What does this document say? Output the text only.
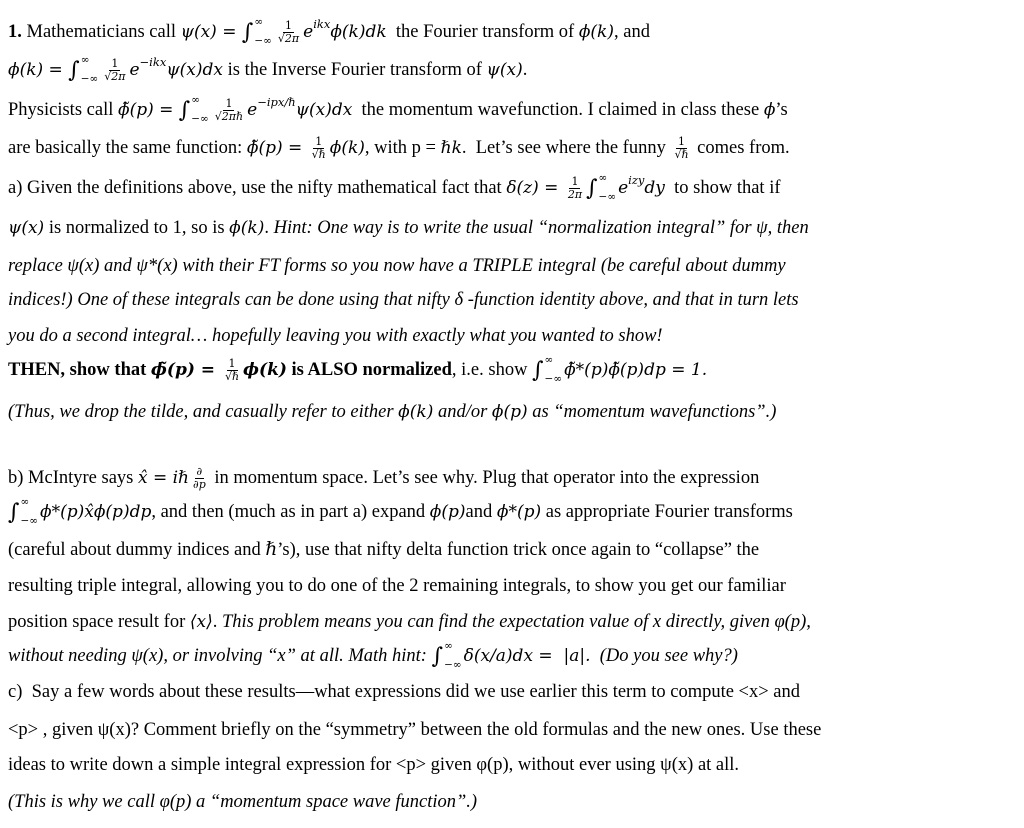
1. Mathematicians call ψ(x) = ∫ ∞
−∞ $\frac{1}{√2\pi}$ e ikx ϕ(k)dk the Fourier transform of ϕ(k) , and
ϕ(k) = ∫ ∞
−∞ $\frac{1}{√2\pi}$ e −ikx ψ(x)dx is the Inverse Fourier transform of ψ(x) .
Physicists call ϕ̃(p) = ∫ ∞
−∞ $\frac{1}{\text{√2πℏ}}$ e −ipx/ℏ ψ(x)dx the momentum wavefunction. I claimed in class these ϕ ’s
are basically the same function: ϕ̃(p) = $\frac{1}{\text{√ℏ}} \phi(k)$ , with p = ℏk .  Let’s see where the funny $\frac{1}{\text{√ℏ}}$ comes from.
a) Given the definitions above, use the nifty mathematical fact that $\delta(z) = \frac{1}{2\pi}$ ∫ ∞
−∞ e izy dy to show that if
ψ(x) is normalized to 1, so is ϕ(k) . Hint: One way is to write the usual “normalization integral” for ψ, then
replace ψ(x) and ψ*(x) with their FT forms so you now have a TRIPLE integral (be careful about dummy
indices!) One of these integrals can be done using that nifty δ -function identity above, and that in turn lets
you do a second integral… hopefully leaving you with exactly what you wanted to show!
THEN, show that ϕ̃(p) = $\frac{1}{\text{√ℏ}} \phi(k)$ is ALSO normalized , i.e. show ∫ ∞
−∞ ϕ̃*(p)ϕ̃(p)dp = 1.
(Thus, we drop the tilde, and casually refer to either ϕ(k) and/or ϕ(p) as “momentum wavefunctions”.)
b) McIntyre says x̂ = iℏ $\frac{\partial}{\partial p}$ in momentum space. Let’s see why. Plug that operator into the expression
∫ ∞
−∞ ϕ*(p)x̂ϕ(p)dp , and then (much as in part a) expand ϕ(p) and ϕ*(p) as appropriate Fourier transforms
(careful about dummy indices and ℏ’s), use that nifty delta function trick once again to “collapse” the
resulting triple integral, allowing you to do one of the 2 remaining integrals, to show you get our familiar
position space result for ⟨x⟩ . This problem means you can find the expectation value of x directly, given φ(p),
without needing ψ(x), or involving “x” at all. Math hint: ∫ ∞
−∞ δ(x/a)dx =  |a|. (Do you see why?)
c)  Say a few words about these results—what expressions did we use earlier this term to compute <x> and
<p> , given ψ(x)? Comment briefly on the “symmetry” between the old formulas and the new ones. Use these
ideas to write down a simple integral expression for <p> given φ(p), without ever using ψ(x) at all.
(This is why we call φ(p) a “momentum space wave function”.)
